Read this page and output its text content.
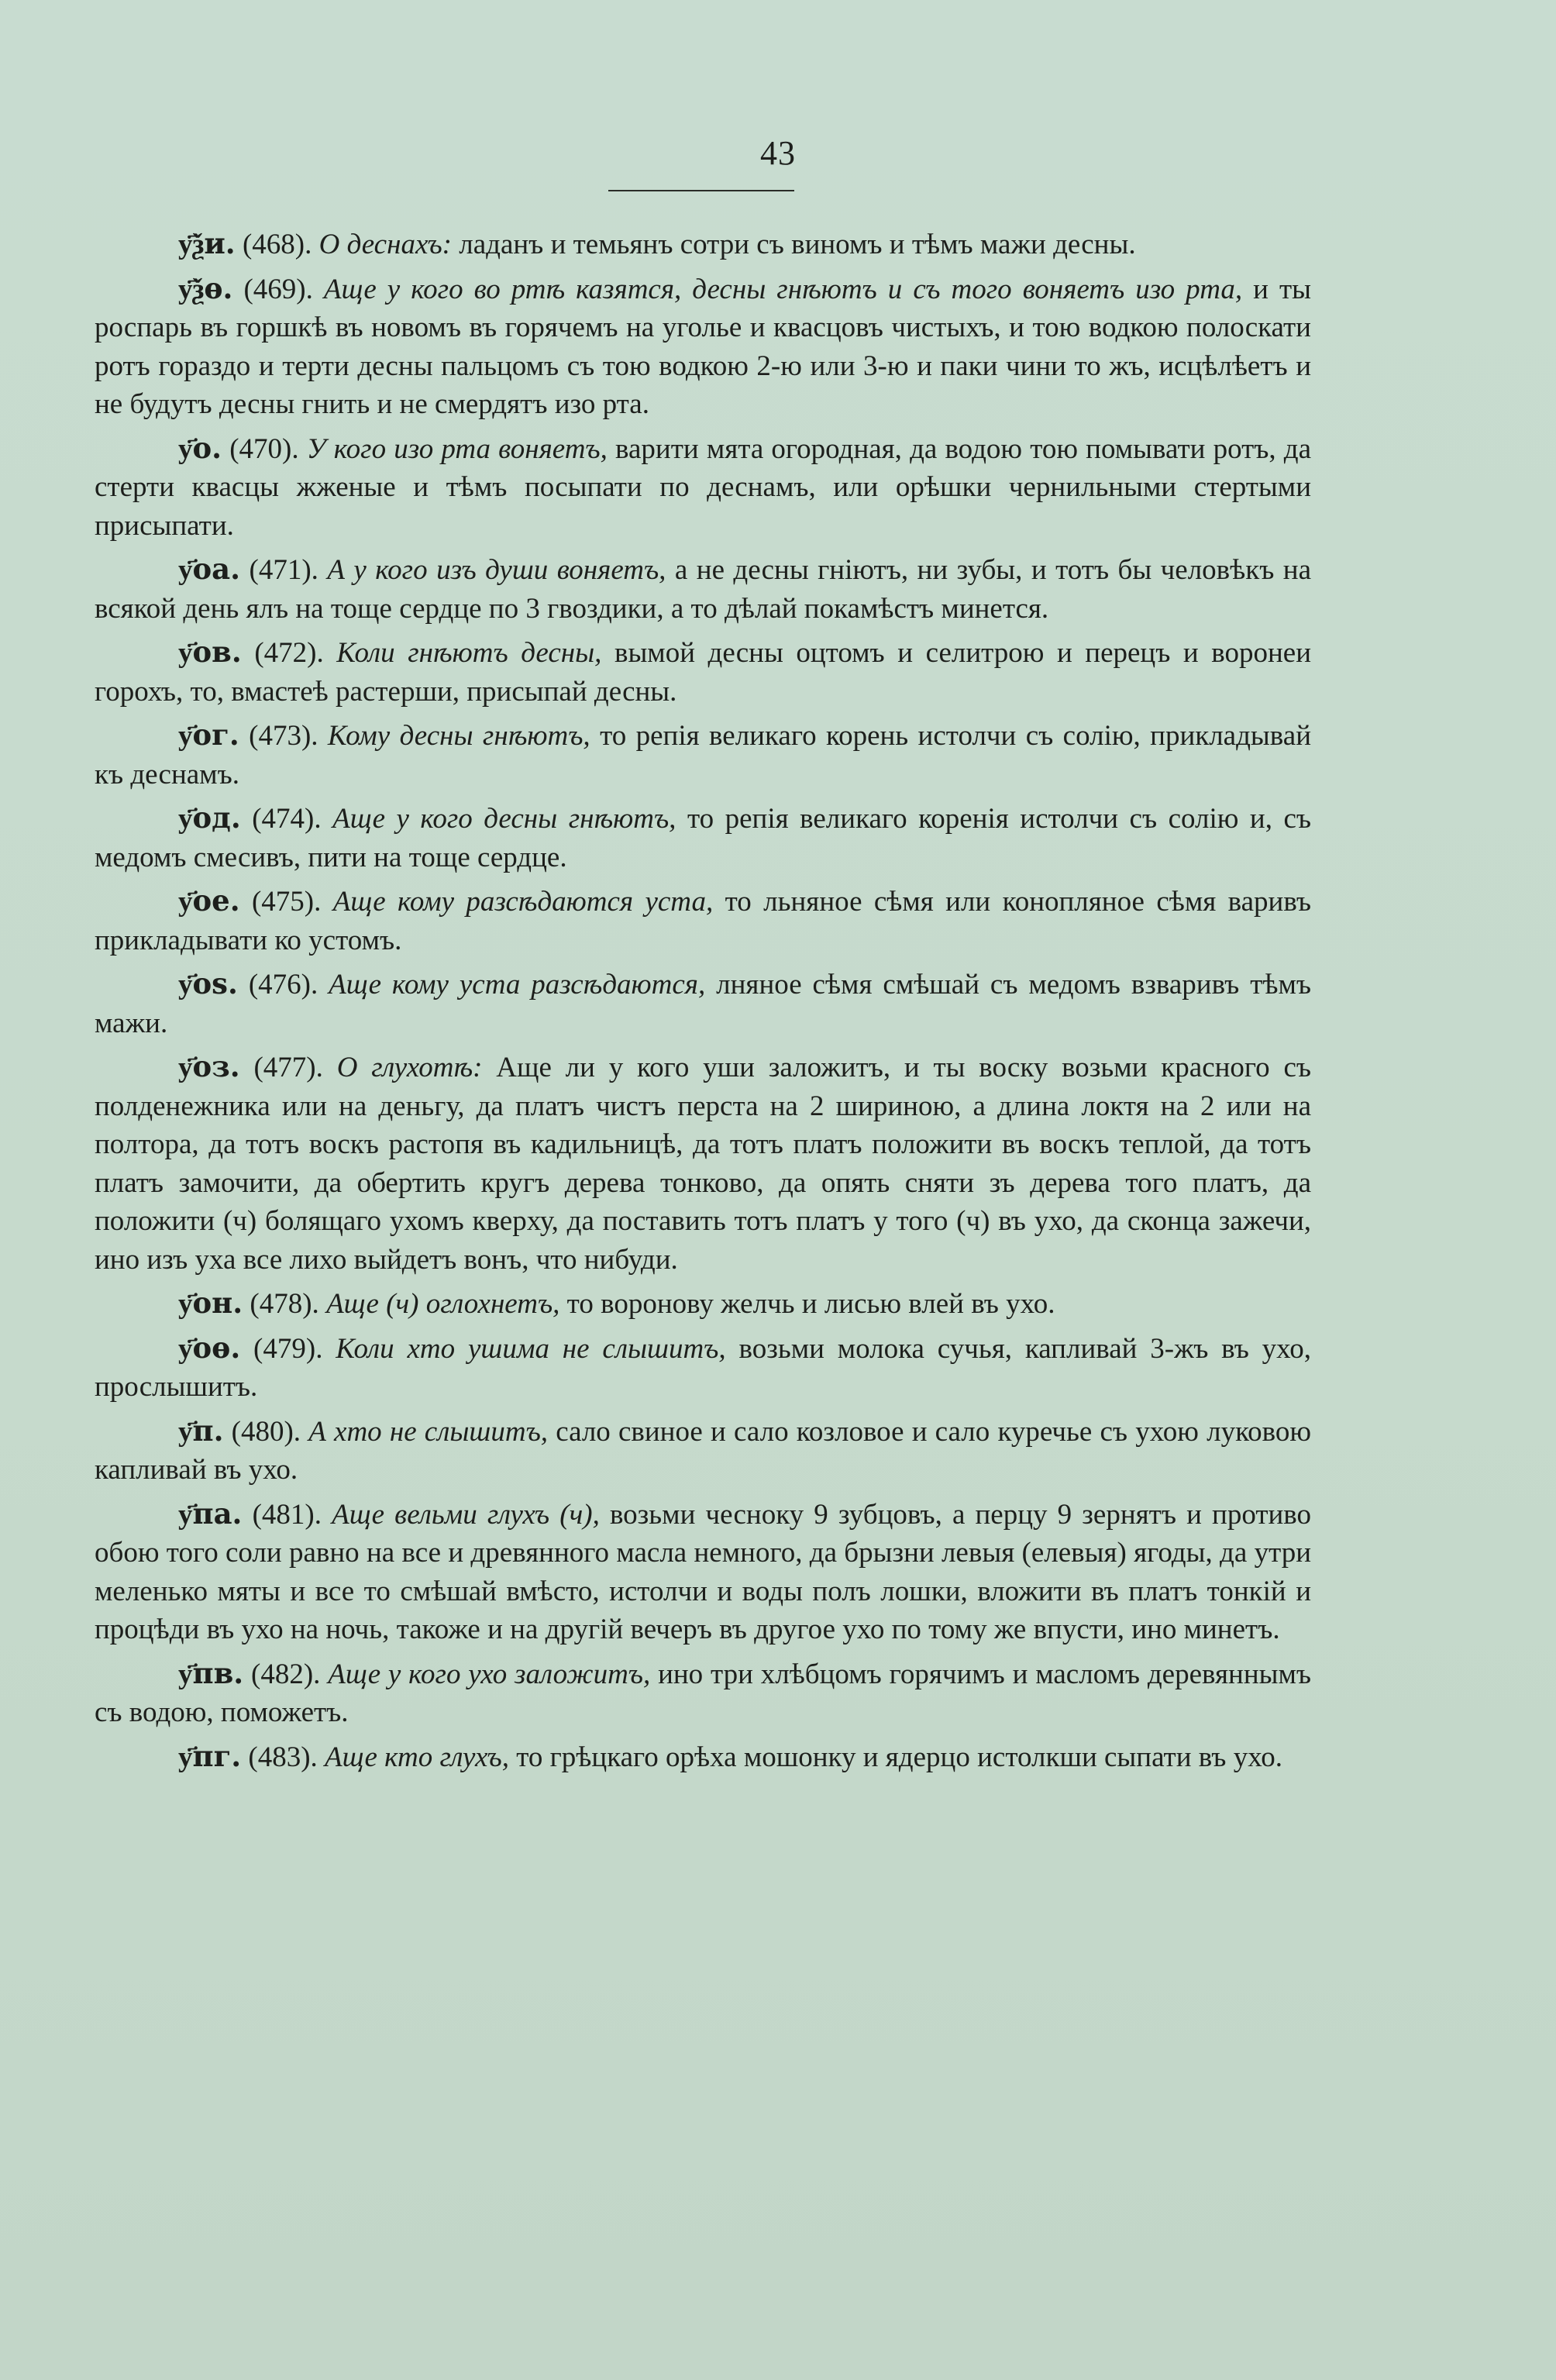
43

у҃ѯи. (468). О деснахъ: ладанъ и темьянъ сотри съ виномъ и тѣмъ мажи десны.

у҃ѯѳ. (469). Аще у кого во ртѣ казятся, десны гнѣютъ и съ того воняетъ изо рта, и ты роспарь въ горшкѣ въ новомъ въ горячемъ на уголье и квасцовъ чистыхъ, и тою водкою полоскати ротъ гораздо и терти десны пальцомъ съ тою водкою 2-ю или 3-ю и паки чини то жъ, исцѣлѣетъ и не будутъ десны гнить и не смердятъ изо рта.

у҃о. (470). У кого изо рта воняетъ, варити мята огородная, да водою тою помывати ротъ, да стерти квасцы жженые и тѣмъ посыпати по деснамъ, или орѣшки чернильными стертыми присыпати.

у҃оа. (471). А у кого изъ души воняетъ, а не десны гніютъ, ни зубы, и тотъ бы человѣкъ на всякой день ялъ на тоще сердце по 3 гвоздики, а то дѣлай покамѣстъ минется.

у҃ов. (472). Коли гнѣютъ десны, вымой десны оцтомъ и селитрою и перецъ и воронеи горохъ, то, вмастеѣ растерши, присыпай десны.

у҃ог. (473). Кому десны гнѣютъ, то репія великаго корень истолчи съ солію, прикладывай къ деснамъ.

у҃од. (474). Аще у кого десны гнѣютъ, то репія великаго коренія истолчи съ солію и, съ медомъ смесивъ, пити на тоще сердце.

у҃ое. (475). Аще кому разсѣдаются уста, то льняное сѣмя или конопляное сѣмя варивъ прикладывати ко устомъ.

у҃оѕ. (476). Аще кому уста разсѣдаются, лняное сѣмя смѣшай съ медомъ взваривъ тѣмъ мажи.

у҃оз. (477). О глухотѣ: Аще ли у кого уши заложитъ, и ты воску возьми красного съ полденежника или на деньгу, да платъ чистъ перста на 2 шириною, а длина локтя на 2 или на полтора, да тотъ воскъ растопя въ кадильницѣ, да тотъ платъ положити въ воскъ теплой, да тотъ платъ замочити, да обертить кругъ дерева тонково, да опять сняти зъ дерева того платъ, да положити (ч) болящаго ухомъ кверху, да поставить тотъ платъ у того (ч) въ ухо, да сконца зажечи, ино изъ уха все лихо выйдетъ вонъ, что нибуди.

у҃он. (478). Аще (ч) оглохнетъ, то воронову желчь и лисью влей въ ухо.

у҃оѳ. (479). Коли хто ушима не слышитъ, возьми молока сучья, капливай 3-жъ въ ухо, прослышитъ.

у҃п. (480). А хто не слышитъ, сало свиное и сало козловое и сало куречье съ ухою луковою капливай въ ухо.

у҃па. (481). Аще вельми глухъ (ч), возьми чесноку 9 зубцовъ, а перцу 9 зернятъ и противо обою того соли равно на все и древянного масла немного, да брызни левыя (елевыя) ягоды, да утри меленько мяты и все то смѣшай вмѣсто, истолчи и воды полъ лошки, вложити въ платъ тонкій и процѣди въ ухо на ночь, такоже и на другій вечеръ въ другое ухо по тому же впусти, ино минетъ.

у҃пв. (482). Аще у кого ухо заложитъ, ино три хлѣбцомъ горячимъ и масломъ деревяннымъ съ водою, поможетъ.

у҃пг. (483). Аще кто глухъ, то грѣцкаго орѣха мошонку и ядерцо истолкши сыпати въ ухо.
